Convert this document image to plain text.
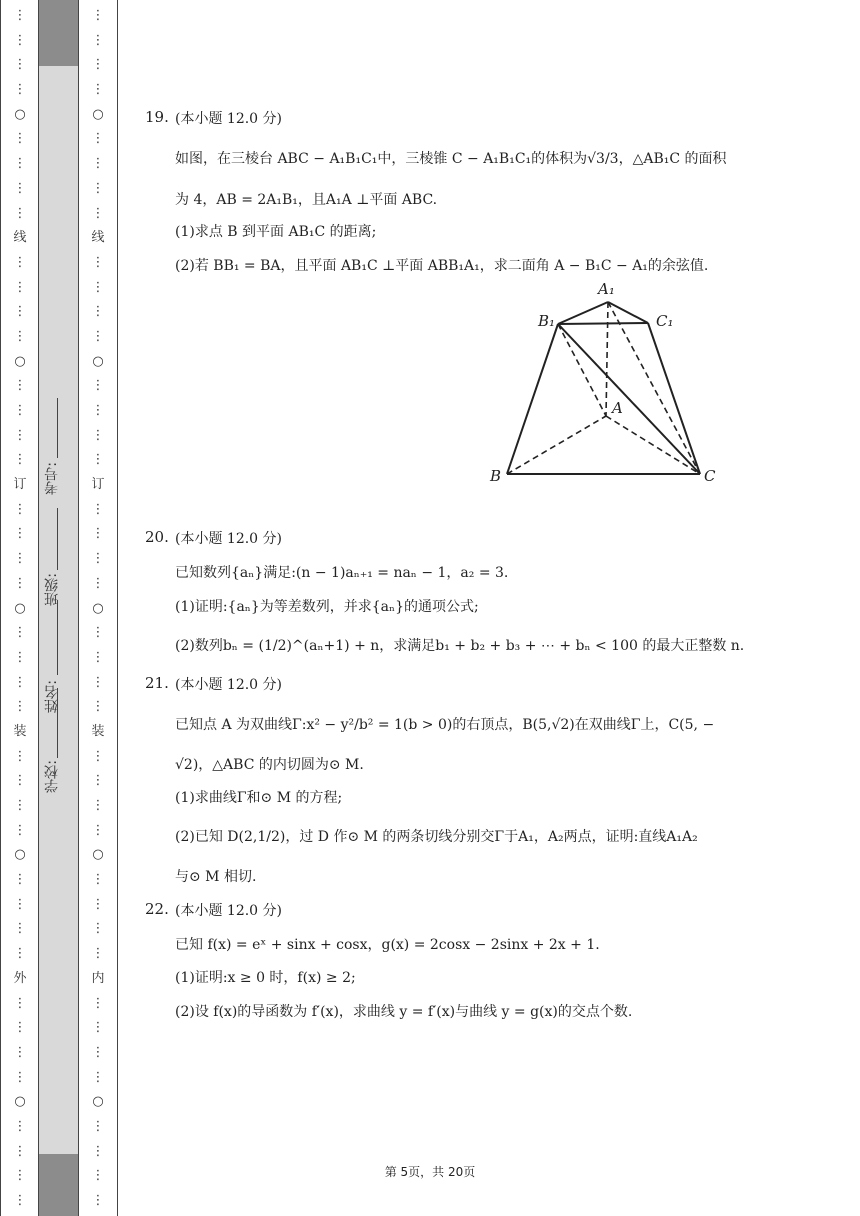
⋮
⋮
⋮
⋮
○
⋮
⋮
⋮
⋮
线
⋮
⋮
⋮
⋮
○
⋮
⋮
⋮
⋮
订
⋮
⋮
⋮
⋮
○
⋮
⋮
⋮
⋮
装
⋮
⋮
⋮
⋮
○
⋮
⋮
⋮
⋮
外
⋮
⋮
⋮
⋮
○
⋮
⋮
⋮
⋮
学校:
姓名:
班级:
考号:
⋮
⋮
⋮
⋮
○
⋮
⋮
⋮
⋮
线
⋮
⋮
⋮
⋮
○
⋮
⋮
⋮
⋮
订
⋮
⋮
⋮
⋮
○
⋮
⋮
⋮
⋮
装
⋮
⋮
⋮
⋮
○
⋮
⋮
⋮
⋮
内
⋮
⋮
⋮
⋮
○
⋮
⋮
⋮
⋮
19. (本小题 12.0 分)
如图，在三棱台 ABC − A₁B₁C₁中，三棱锥 C − A₁B₁C₁的体积为√3/3，△AB₁C 的面积
为 4，AB = 2A₁B₁，且A₁A ⊥平面 ABC.
(1)求点 B 到平面 AB₁C 的距离;
(2)若 BB₁ = BA，且平面 AB₁C ⊥平面 ABB₁A₁，求二面角 A − B₁C − A₁的余弦值.
A₁
B₁	C₁
A
B	C
20. (本小题 12.0 分)
已知数列{aₙ}满足:(n − 1)aₙ₊₁ = naₙ − 1，a₂ = 3.
(1)证明:{aₙ}为等差数列，并求{aₙ}的通项公式;
(2)数列bₙ = (1/2)^(aₙ+1) + n，求满足b₁ + b₂ + b₃ + ⋯ + bₙ < 100 的最大正整数 n.
21. (本小题 12.0 分)
已知点 A 为双曲线Γ:x² − y²/b² = 1(b > 0)的右顶点，B(5,√2)在双曲线Γ上，C(5, −
√2)，△ABC 的内切圆为⊙ M.
(1)求曲线Γ和⊙ M 的方程;
(2)已知 D(2,1/2)，过 D 作⊙ M 的两条切线分别交Γ于A₁，A₂两点，证明:直线A₁A₂
与⊙ M 相切.
22. (本小题 12.0 分)
已知 f(x) = eˣ + sinx + cosx，g(x) = 2cosx − 2sinx + 2x + 1.
(1)证明:x ≥ 0 时，f(x) ≥ 2;
(2)设 f(x)的导函数为 f′(x)，求曲线 y = f′(x)与曲线 y = g(x)的交点个数.
第 5页，共 20页
